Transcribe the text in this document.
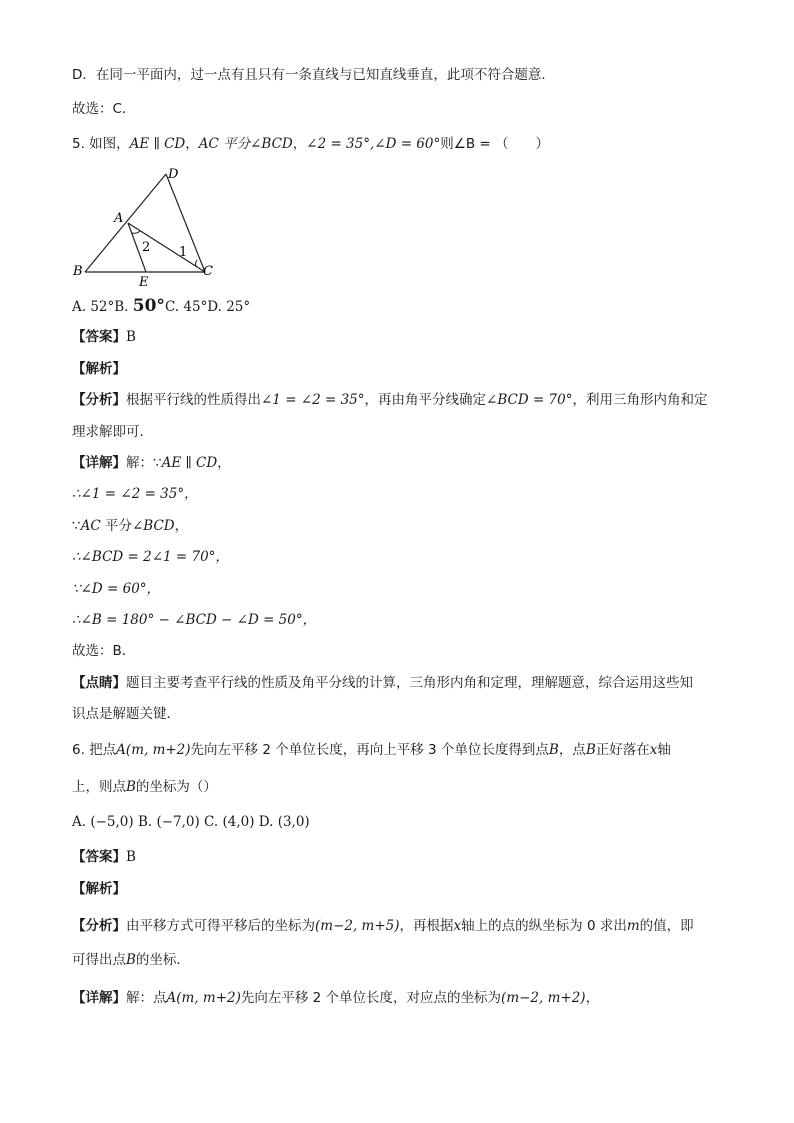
D．在同一平面内，过一点有且只有一条直线与已知直线垂直，此项不符合题意．
故选：C．
5. 如图，AE ∥ CD，AC 平分∠BCD，∠2 = 35°,∠D = 60°则∠B = （　　）
D
A
B
E
C
1
2
A. 52°B. 50°C. 45°D. 25°
【答案】B
【解析】
【分析】根据平行线的性质得出∠1 = ∠2 = 35°，再由角平分线确定∠BCD = 70°，利用三角形内角和定
理求解即可．
【详解】解：∵AE ∥ CD，
∴∠1 = ∠2 = 35°，
∵AC 平分∠BCD，
∴∠BCD = 2∠1 = 70°，
∵∠D = 60°，
∴∠B = 180° − ∠BCD − ∠D = 50°，
故选：B．
【点睛】题目主要考查平行线的性质及角平分线的计算，三角形内角和定理，理解题意，综合运用这些知
识点是解题关键．
6. 把点A(m, m+2)先向左平移 2 个单位长度，再向上平移 3 个单位长度得到点B，点B正好落在x轴
上，则点B的坐标为（）
A. (−5,0) B. (−7,0) C. (4,0) D. (3,0)
【答案】B
【解析】
【分析】由平移方式可得平移后的坐标为(m−2, m+5)，再根据x轴上的点的纵坐标为 0 求出m的值，即
可得出点B的坐标．
【详解】解：点A(m, m+2)先向左平移 2 个单位长度，对应点的坐标为(m−2, m+2)，
